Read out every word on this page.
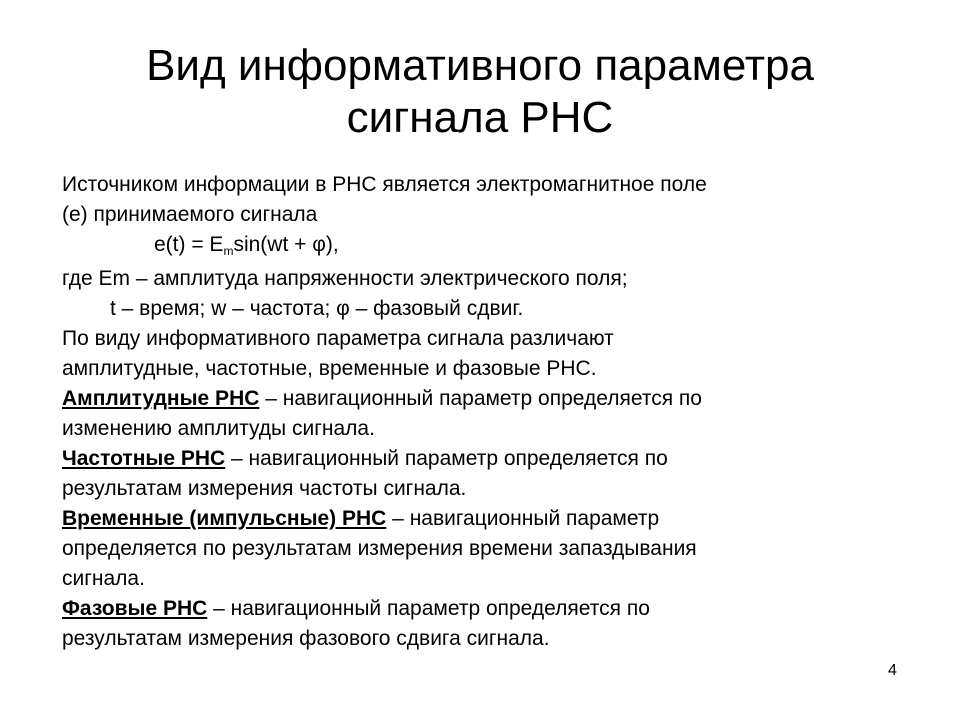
Вид информативного параметра
сигнала РНС

Источником информации в РНС является электромагнитное поле

(e) принимаемого сигнала

$e(t) = E_m\sin(wt + \varphi)$,

где Em – амплитуда напряженности электрического поля;

t – время; w – частота; φ – фазовый сдвиг.

По виду информативного параметра сигнала различают

амплитудные, частотные, временные и фазовые РНС.

Амплитудные РНС – навигационный параметр определяется по

изменению амплитуды сигнала.

Частотные РНС – навигационный параметр определяется по

результатам измерения частоты сигнала.

Временные (импульсные) РНС – навигационный параметр

определяется по результатам измерения времени запаздывания

сигнала.

Фазовые РНС – навигационный параметр определяется по

результатам измерения фазового сдвига сигнала.

4
